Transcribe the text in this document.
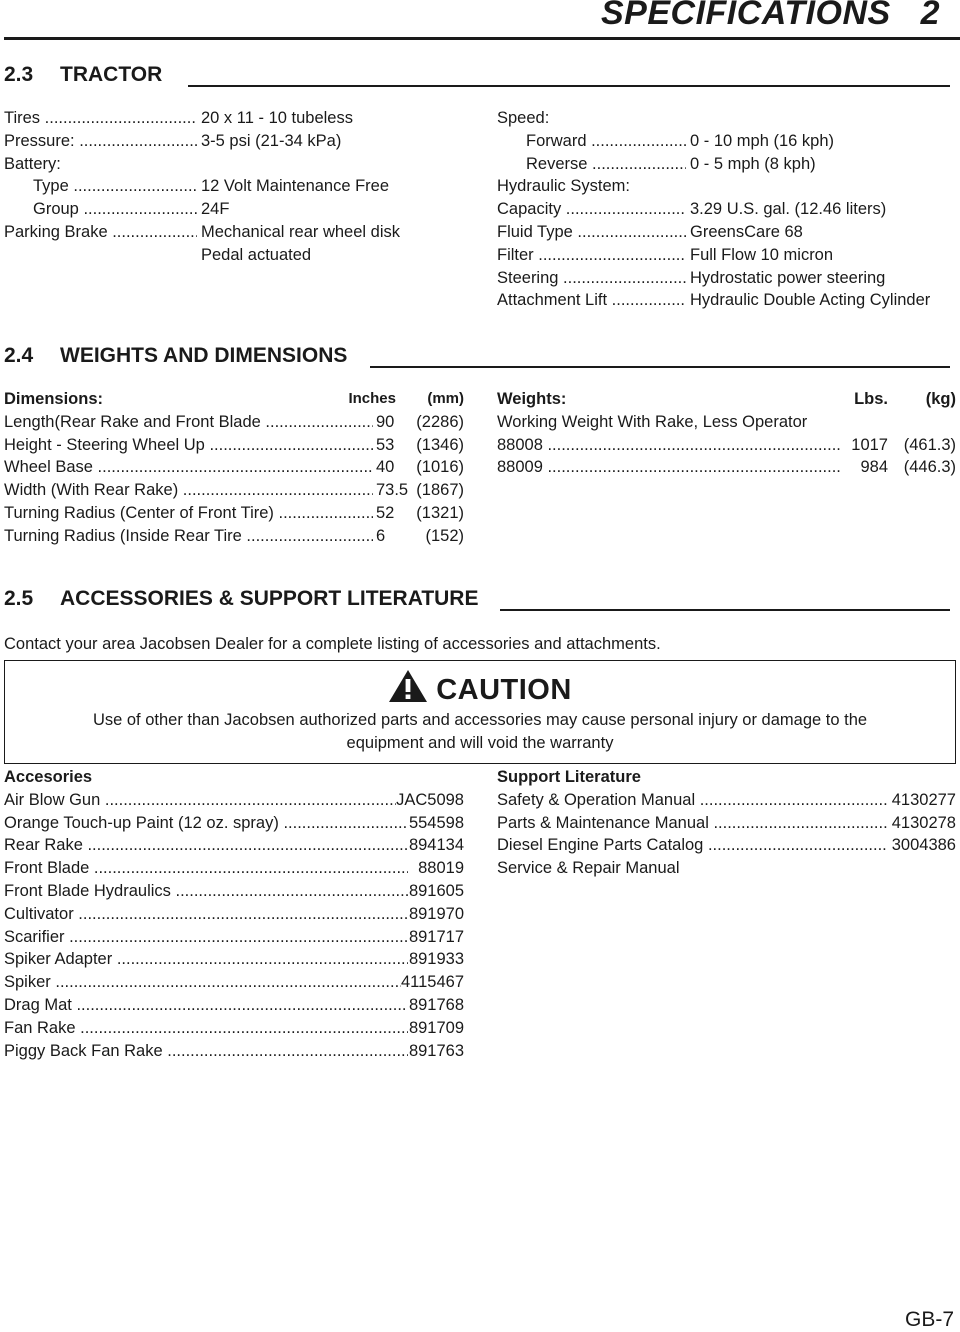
SPECIFICATIONS 2
2.3 TRACTOR
Tires .....	20 x 11 - 10 tubeless
Pressure: .....	3-5 psi (21-34 kPa)
Battery:
Type .....	12 Volt Maintenance Free
Group .....	24F
Parking Brake .....	Mechanical rear wheel disk
Pedal actuated
Speed:
Forward .....	0 - 10 mph (16 kph)
Reverse .....	0 - 5 mph (8 kph)
Hydraulic System:
Capacity .....	3.29 U.S. gal. (12.46 liters)
Fluid Type .....	GreensCare 68
Filter .....	Full Flow 10 micron
Steering .....	Hydrostatic power steering
Attachment Lift .....	Hydraulic Double Acting Cylinder
2.4 WEIGHTS AND DIMENSIONS
Dimensions:	Inches (mm)
Length(Rear Rake and Front Blade .....	90 (2286)
Height - Steering Wheel Up .....	53 (1346)
Wheel Base .....	40 (1016)
Width (With Rear Rake) .....	73.5 (1867)
Turning Radius (Center of Front Tire) .....	52 (1321)
Turning Radius (Inside Rear Tire .....	6 (152)
Weights:	Lbs. (kg)
Working Weight With Rake, Less Operator
88008 .....	1017 (461.3)
88009 .....	984 (446.3)
2.5 ACCESSORIES & SUPPORT LITERATURE
Contact your area Jacobsen Dealer for a complete listing of accessories and attachments.
CAUTION
Use of other than Jacobsen authorized parts and accessories may cause personal injury or damage to the
equipment and will void the warranty
Accesories
Air Blow Gun .....	JAC5098
Orange Touch-up Paint (12 oz. spray) .....	554598
Rear Rake .....	894134
Front Blade .....	88019
Front Blade Hydraulics .....	891605
Cultivator .....	891970
Scarifier .....	891717
Spiker Adapter .....	891933
Spiker .....	4115467
Drag Mat .....	891768
Fan Rake .....	891709
Piggy Back Fan Rake .....	891763
Support Literature
Safety & Operation Manual .....	4130277
Parts & Maintenance Manual .....	4130278
Diesel Engine Parts Catalog .....	3004386
Service & Repair Manual
GB-7
